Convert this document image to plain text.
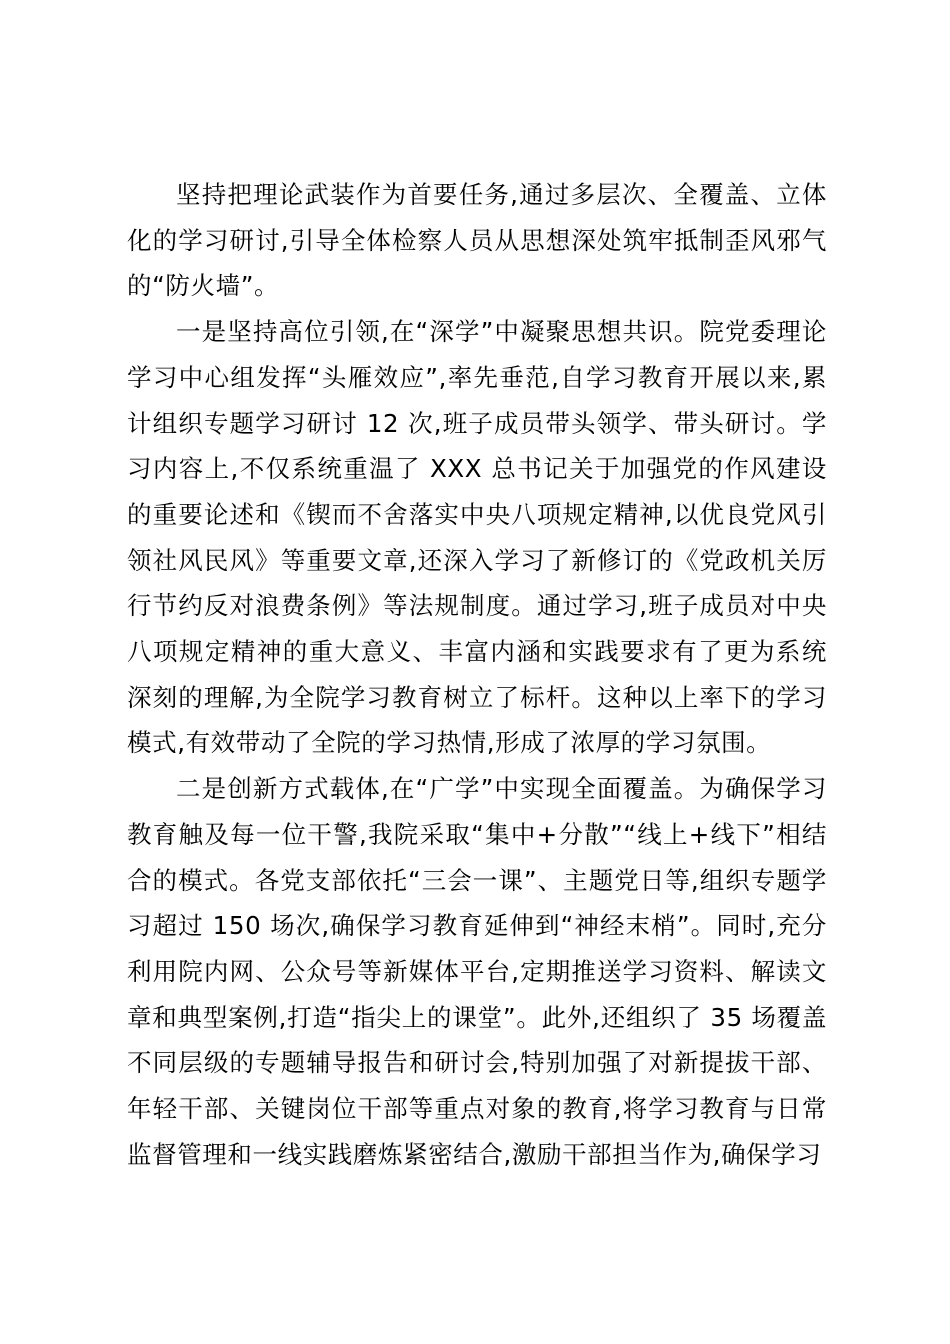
坚持把理论武装作为首要任务,通过多层次、全覆盖、立体化的学习研讨,引导全体检察人员从思想深处筑牢抵制歪风邪气的“防火墙”。

一是坚持高位引领,在“深学”中凝聚思想共识。院党委理论学习中心组发挥“头雁效应”,率先垂范,自学习教育开展以来,累计组织专题学习研讨 12 次,班子成员带头领学、带头研讨。学习内容上,不仅系统重温了 XXX 总书记关于加强党的作风建设的重要论述和《锲而不舍落实中央八项规定精神,以优良党风引领社风民风》等重要文章,还深入学习了新修订的《党政机关厉行节约反对浪费条例》等法规制度。通过学习,班子成员对中央八项规定精神的重大意义、丰富内涵和实践要求有了更为系统深刻的理解,为全院学习教育树立了标杆。这种以上率下的学习模式,有效带动了全院的学习热情,形成了浓厚的学习氛围。

二是创新方式载体,在“广学”中实现全面覆盖。为确保学习教育触及每一位干警,我院采取“集中+分散”“线上+线下”相结合的模式。各党支部依托“三会一课”、主题党日等,组织专题学习超过 150 场次,确保学习教育延伸到“神经末梢”。同时,充分利用院内网、公众号等新媒体平台,定期推送学习资料、解读文章和典型案例,打造“指尖上的课堂”。此外,还组织了 35 场覆盖不同层级的专题辅导报告和研讨会,特别加强了对新提拔干部、年轻干部、关键岗位干部等重点对象的教育,将学习教育与日常监督管理和一线实践磨炼紧密结合,激励干部担当作为,确保学习
